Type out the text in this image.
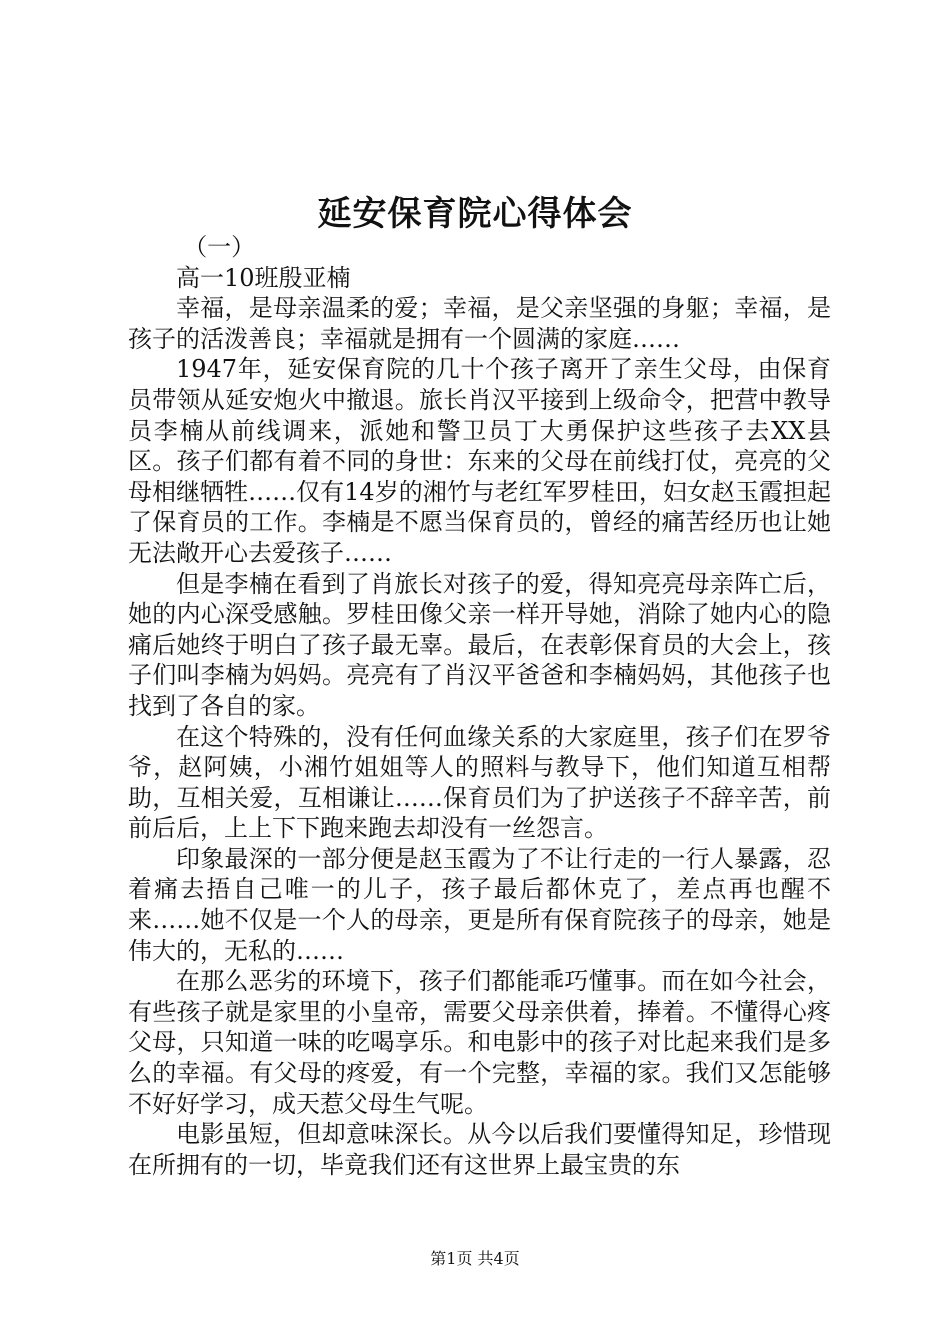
延安保育院心得体会

（一）

高一10班殷亚楠

幸福，是母亲温柔的爱；幸福，是父亲坚强的身躯；幸福，是孩子的活泼善良；幸福就是拥有一个圆满的家庭……

1947年，延安保育院的几十个孩子离开了亲生父母，由保育员带领从延安炮火中撤退。旅长肖汉平接到上级命令，把营中教导员李楠从前线调来，派她和警卫员丁大勇保护这些孩子去XX县区。孩子们都有着不同的身世：东来的父母在前线打仗，亮亮的父母相继牺牲……仅有14岁的湘竹与老红军罗桂田，妇女赵玉霞担起了保育员的工作。李楠是不愿当保育员的，曾经的痛苦经历也让她无法敞开心去爱孩子……

但是李楠在看到了肖旅长对孩子的爱，得知亮亮母亲阵亡后，她的内心深受感触。罗桂田像父亲一样开导她，消除了她内心的隐痛后她终于明白了孩子最无辜。最后，在表彰保育员的大会上，孩子们叫李楠为妈妈。亮亮有了肖汉平爸爸和李楠妈妈，其他孩子也找到了各自的家。

在这个特殊的，没有任何血缘关系的大家庭里，孩子们在罗爷爷，赵阿姨，小湘竹姐姐等人的照料与教导下，他们知道互相帮助，互相关爱，互相谦让……保育员们为了护送孩子不辞辛苦，前前后后，上上下下跑来跑去却没有一丝怨言。

印象最深的一部分便是赵玉霞为了不让行走的一行人暴露，忍着痛去捂自己唯一的儿子，孩子最后都休克了，差点再也醒不来……她不仅是一个人的母亲，更是所有保育院孩子的母亲，她是伟大的，无私的……

在那么恶劣的环境下，孩子们都能乖巧懂事。而在如今社会，有些孩子就是家里的小皇帝，需要父母亲供着，捧着。不懂得心疼父母，只知道一味的吃喝享乐。和电影中的孩子对比起来我们是多么的幸福。有父母的疼爱，有一个完整，幸福的家。我们又怎能够不好好学习，成天惹父母生气呢。

电影虽短，但却意味深长。从今以后我们要懂得知足，珍惜现在所拥有的一切，毕竟我们还有这世界上最宝贵的东

第1页 共4页
